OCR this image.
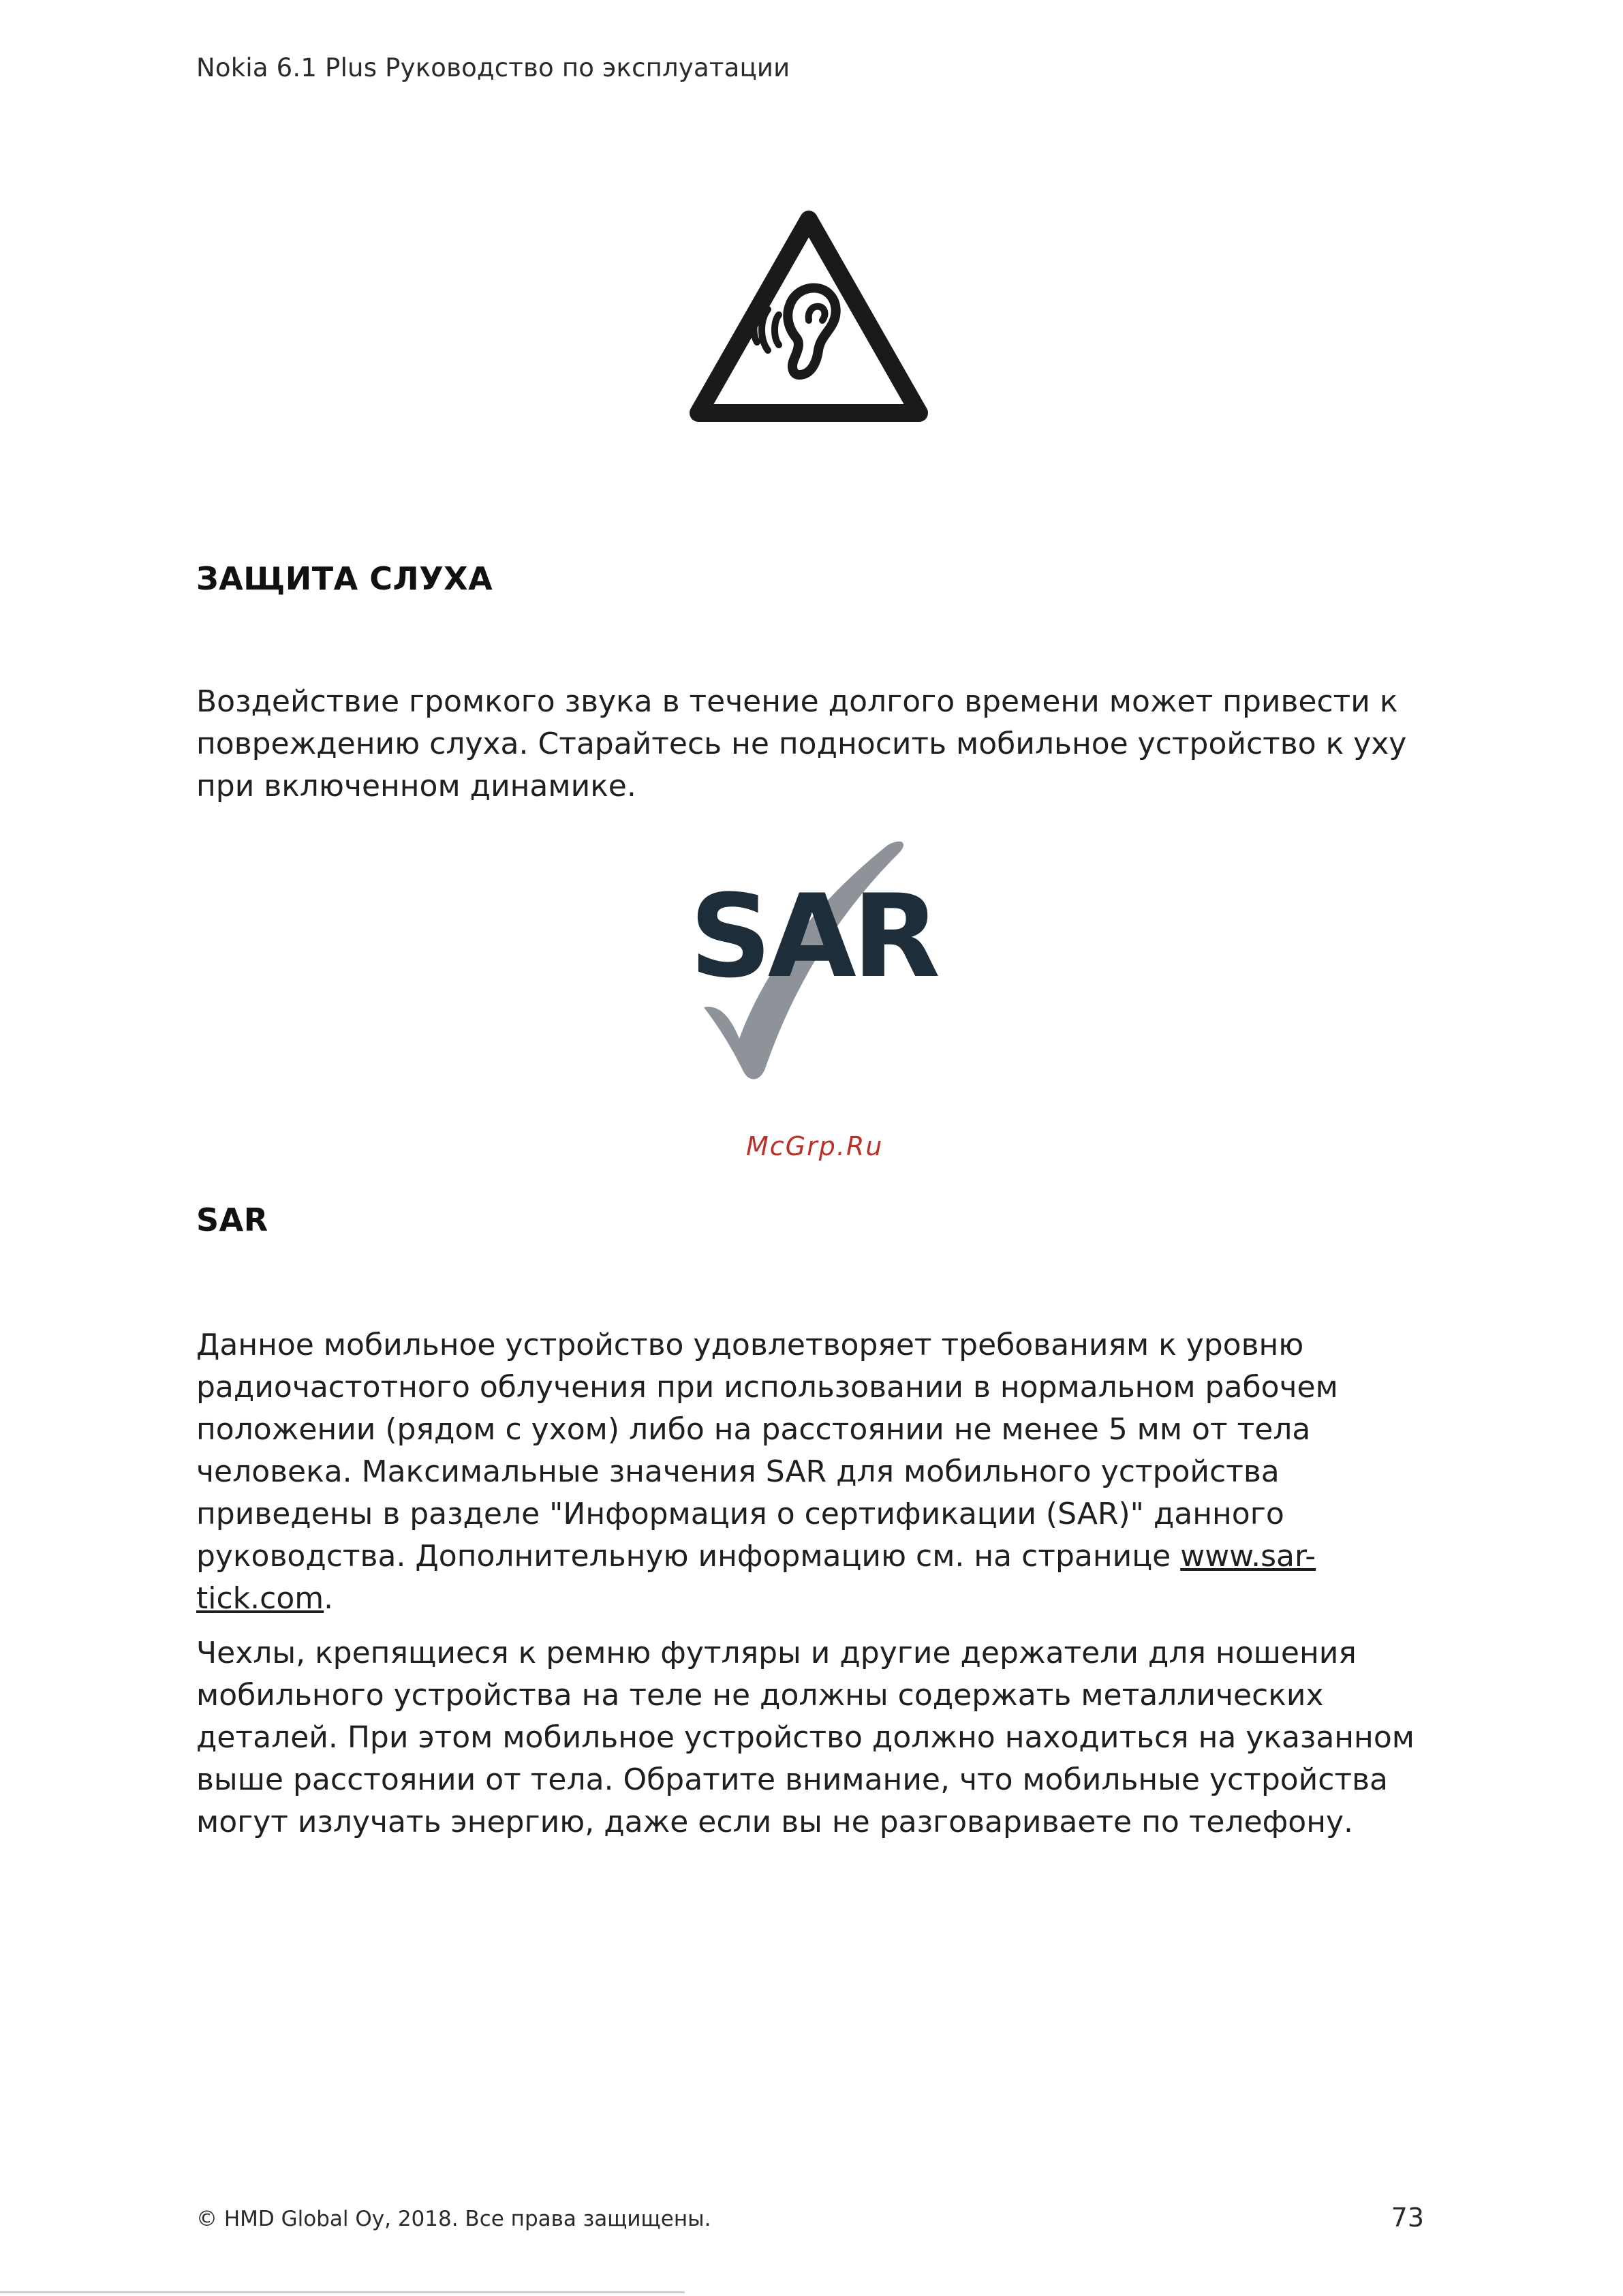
Nokia 6.1 Plus Руководство по эксплуатации
ЗАЩИТА СЛУХА

Воздействие громкого звука в течение долгого времени может привести к повреждению слуха. Старайтесь не подносить мобильное устройство к уху при включенном динамике.

SAR
McGrp.Ru
SAR

Данное мобильное устройство удовлетворяет требованиям к уровню радиочастотного облучения при использовании в нормальном рабочем положении (рядом с ухом) либо на расстоянии не менее 5 мм от тела человека. Максимальные значения SAR для мобильного устройства приведены в разделе "Информация о сертификации (SAR)" данного руководства. Дополнительную информацию см. на странице www.sar-tick.com.

Чехлы, крепящиеся к ремню футляры и другие держатели для ношения мобильного устройства на теле не должны содержать металлических деталей. При этом мобильное устройство должно находиться на указанном выше расстоянии от тела. Обратите внимание, что мобильные устройства могут излучать энергию, даже если вы не разговариваете по телефону.

© HMD Global Oy, 2018. Все права защищены.	73
